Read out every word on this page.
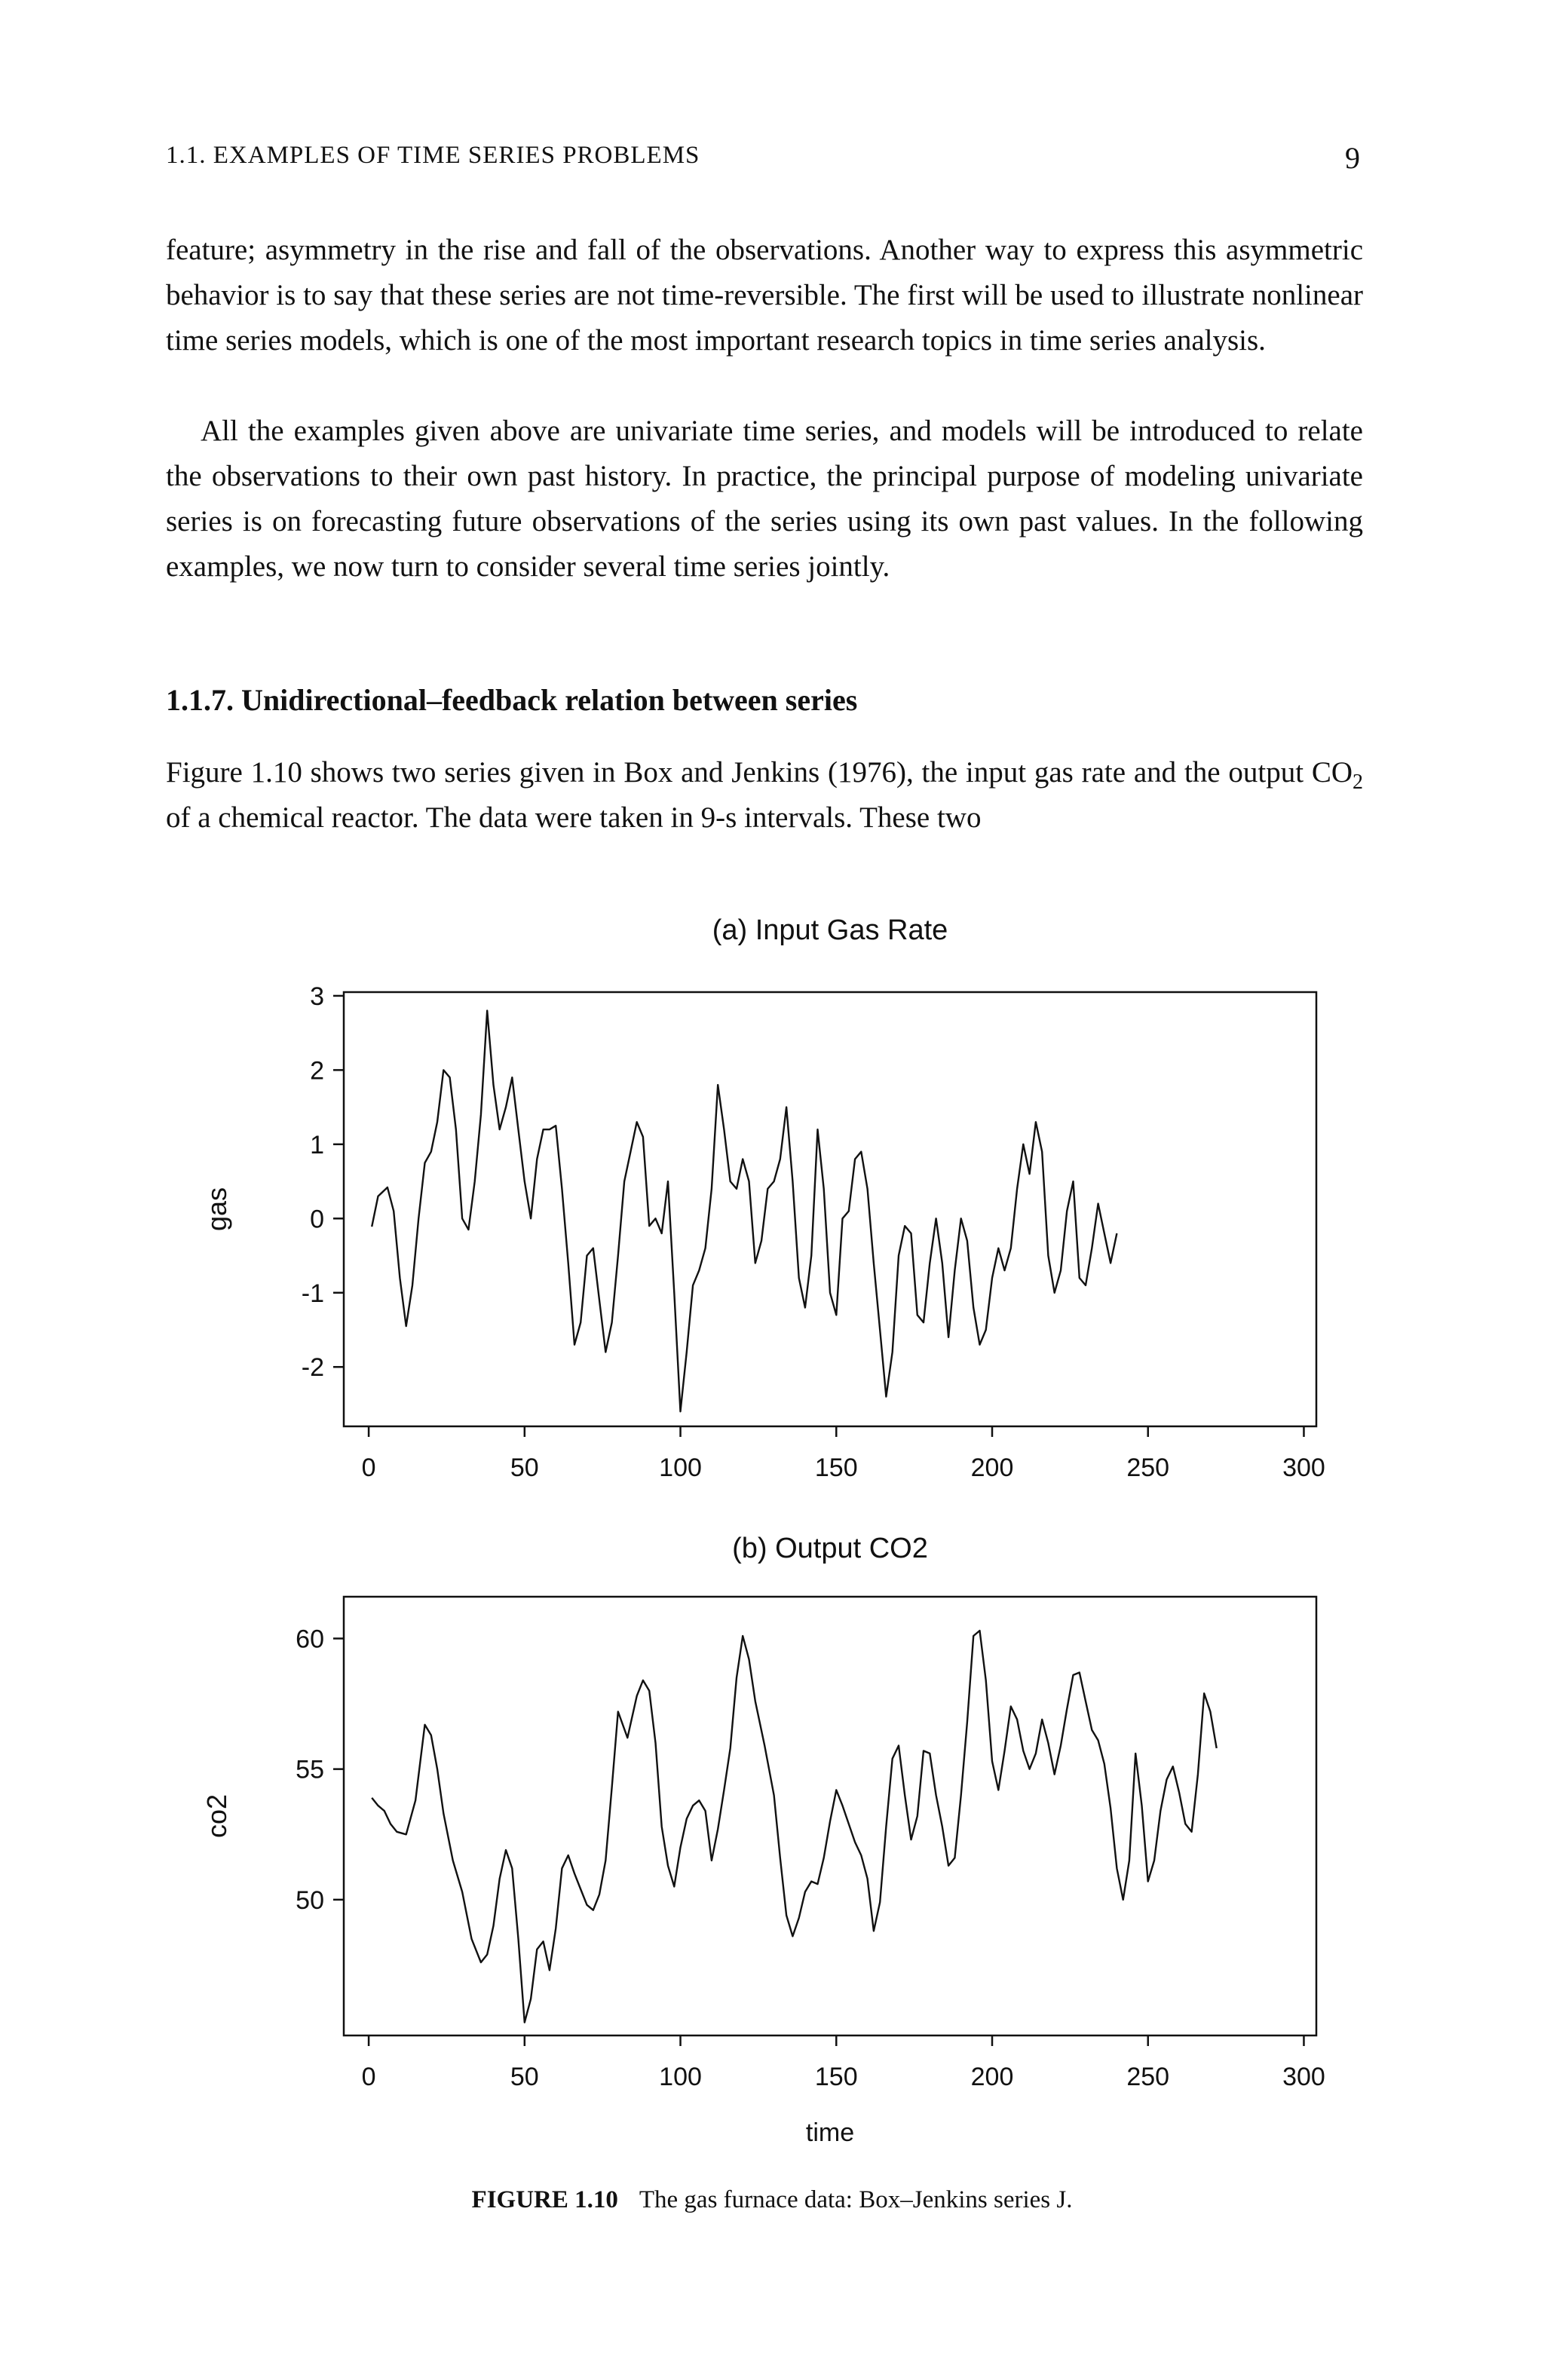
1.1. EXAMPLES OF TIME SERIES PROBLEMS	9

feature; asymmetry in the rise and fall of the observations. Another way to express this asymmetric behavior is to say that these series are not time-reversible. The first will be used to illustrate nonlinear time series models, which is one of the most important research topics in time series analysis.

All the examples given above are univariate time series, and models will be introduced to relate the observations to their own past history. In practice, the principal purpose of modeling univariate series is on forecasting future observations of the series using its own past values. In the following examples, we now turn to consider several time series jointly.

1.1.7. Unidirectional–feedback relation between series

Figure 1.10 shows two series given in Box and Jenkins (1976), the input gas rate and the output $CO_2$ of a chemical reactor. The data were taken in 9-s intervals. These two

(a) Input Gas Rate
-2
-1
0
1
2
3
0	50	100	150	200	250	300
gas
(b) Output CO2
50
55
60
0	50	100	150	200	250	300
co2
time
FIGURE 1.10 The gas furnace data: Box–Jenkins series J.
